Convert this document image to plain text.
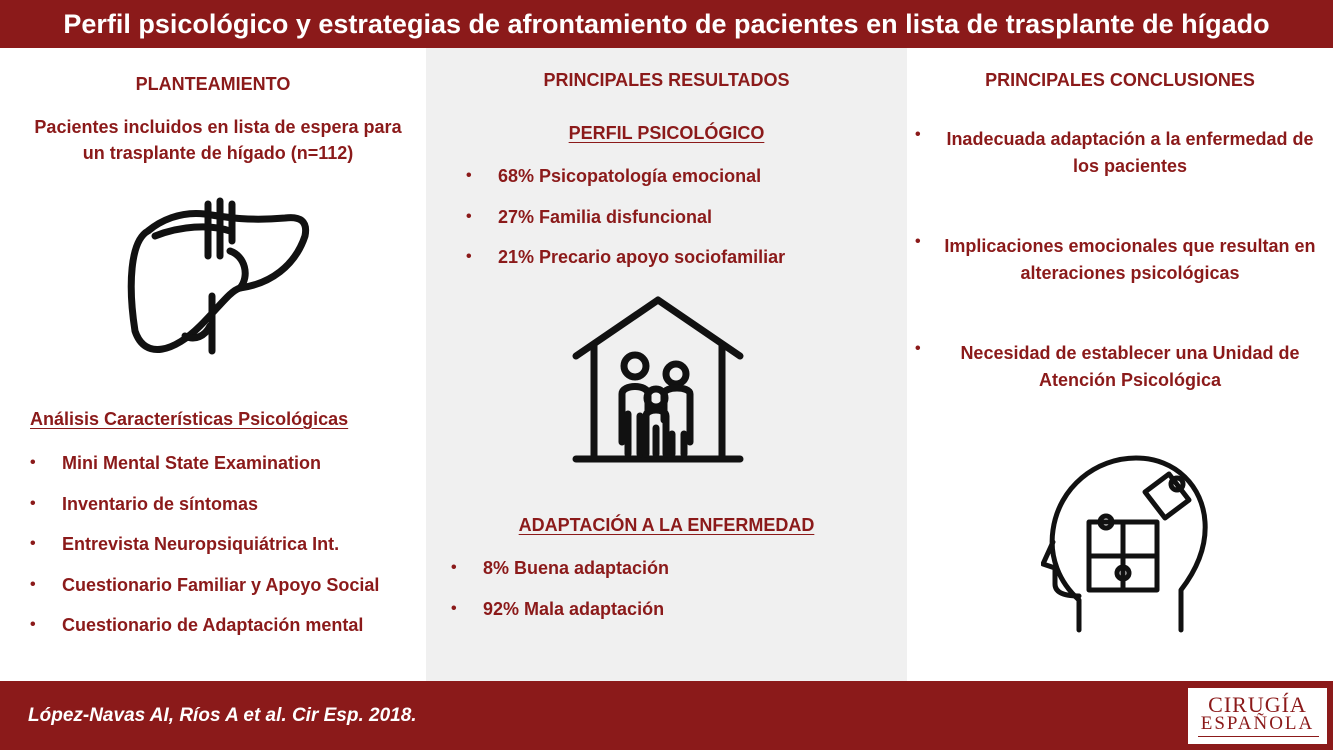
Perfil psicológico y estrategias de afrontamiento de pacientes en lista de trasplante de hígado
PLANTEAMIENTO
Pacientes incluidos en lista de espera para un trasplante de hígado (n=112)
Análisis Características Psicológicas
• Mini Mental State Examination
• Inventario de síntomas
• Entrevista Neuropsiquiátrica Int.
• Cuestionario Familiar y Apoyo Social
• Cuestionario de Adaptación mental
PRINCIPALES RESULTADOS
PERFIL PSICOLÓGICO
• 68% Psicopatología emocional
• 27% Familia disfuncional
• 21% Precario apoyo sociofamiliar
ADAPTACIÓN A LA ENFERMEDAD
• 8% Buena adaptación
• 92% Mala adaptación
PRINCIPALES CONCLUSIONES
•	Inadecuada adaptación a la enfermedad de los pacientes
•	Implicaciones emocionales que resultan en alteraciones psicológicas
•	Necesidad de establecer una Unidad de Atención Psicológica
López-Navas AI, Ríos A et al. Cir Esp. 2018.	CIRUGÍA
ESPAÑOLA
